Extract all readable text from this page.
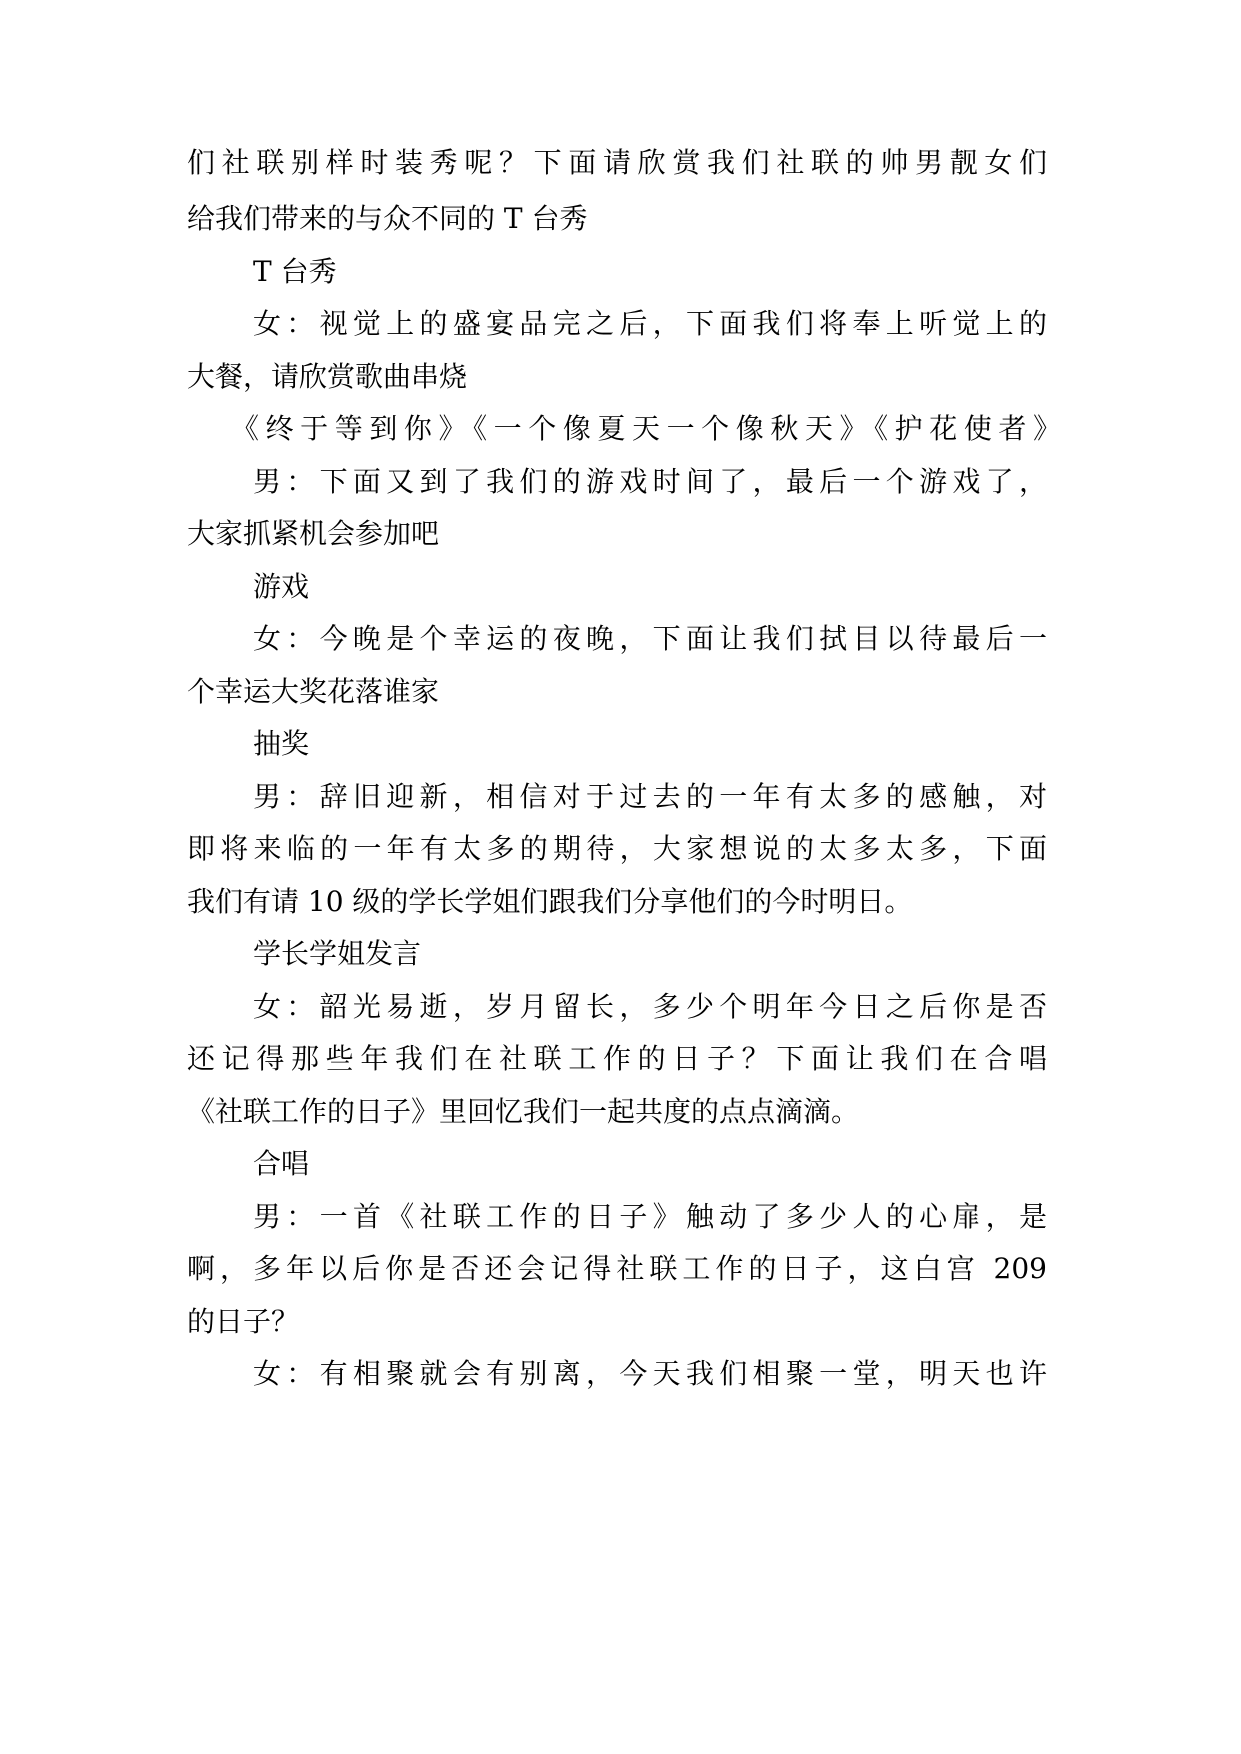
们社联别样时装秀呢？下面请欣赏我们社联的帅男靓女们
给我们带来的与众不同的 T 台秀
T 台秀
女：视觉上的盛宴品完之后，下面我们将奉上听觉上的
大餐，请欣赏歌曲串烧
《终于等到你》《一个像夏天一个像秋天》《护花使者》
男：下面又到了我们的游戏时间了，最后一个游戏了，
大家抓紧机会参加吧
游戏
女：今晚是个幸运的夜晚，下面让我们拭目以待最后一
个幸运大奖花落谁家
抽奖
男：辞旧迎新，相信对于过去的一年有太多的感触，对
即将来临的一年有太多的期待，大家想说的太多太多，下面
我们有请 10 级的学长学姐们跟我们分享他们的今时明日。
学长学姐发言
女：韶光易逝，岁月留长，多少个明年今日之后你是否
还记得那些年我们在社联工作的日子？下面让我们在合唱
《社联工作的日子》里回忆我们一起共度的点点滴滴。
合唱
男：一首《社联工作的日子》触动了多少人的心扉，是
啊，多年以后你是否还会记得社联工作的日子，这白宫 209
的日子？
女：有相聚就会有别离，今天我们相聚一堂，明天也许
